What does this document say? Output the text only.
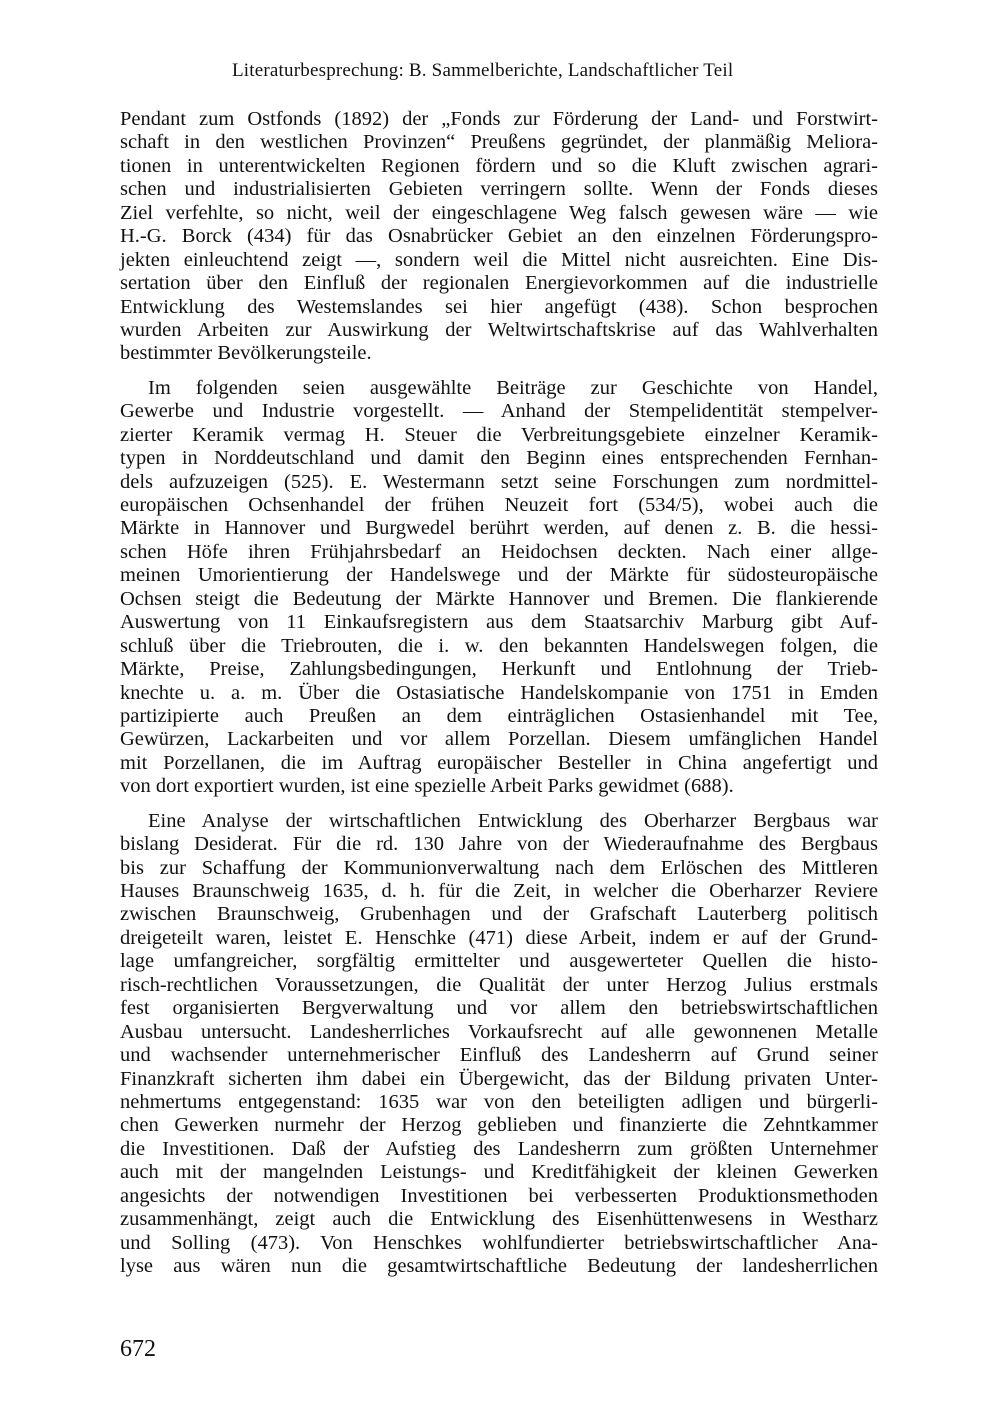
Literaturbesprechung: B. Sammelberichte, Landschaftlicher Teil
Pendant zum Ostfonds (1892) der „Fonds zur Förderung der Land- und Forstwirt-
schaft in den westlichen Provinzen“ Preußens gegründet, der planmäßig Meliora-
tionen in unterentwickelten Regionen fördern und so die Kluft zwischen agrari-
schen und industrialisierten Gebieten verringern sollte. Wenn der Fonds dieses
Ziel verfehlte, so nicht, weil der eingeschlagene Weg falsch gewesen wäre — wie
H.-G. Borck (434) für das Osnabrücker Gebiet an den einzelnen Förderungspro-
jekten einleuchtend zeigt —, sondern weil die Mittel nicht ausreichten. Eine Dis-
sertation über den Einfluß der regionalen Energievorkommen auf die industrielle
Entwicklung des Westemslandes sei hier angefügt (438). Schon besprochen
wurden Arbeiten zur Auswirkung der Weltwirtschaftskrise auf das Wahlverhalten
bestimmter Bevölkerungsteile.
Im folgenden seien ausgewählte Beiträge zur Geschichte von Handel,
Gewerbe und Industrie vorgestellt. — Anhand der Stempelidentität stempelver-
zierter Keramik vermag H. Steuer die Verbreitungsgebiete einzelner Keramik-
typen in Norddeutschland und damit den Beginn eines entsprechenden Fernhan-
dels aufzuzeigen (525). E. Westermann setzt seine Forschungen zum nordmittel-
europäischen Ochsenhandel der frühen Neuzeit fort (534/5), wobei auch die
Märkte in Hannover und Burgwedel berührt werden, auf denen z. B. die hessi-
schen Höfe ihren Frühjahrsbedarf an Heidochsen deckten. Nach einer allge-
meinen Umorientierung der Handelswege und der Märkte für südosteuropäische
Ochsen steigt die Bedeutung der Märkte Hannover und Bremen. Die flankierende
Auswertung von 11 Einkaufsregistern aus dem Staatsarchiv Marburg gibt Auf-
schluß über die Triebrouten, die i. w. den bekannten Handelswegen folgen, die
Märkte, Preise, Zahlungsbedingungen, Herkunft und Entlohnung der Trieb-
knechte u. a. m. Über die Ostasiatische Handelskompanie von 1751 in Emden
partizipierte auch Preußen an dem einträglichen Ostasienhandel mit Tee,
Gewürzen, Lackarbeiten und vor allem Porzellan. Diesem umfänglichen Handel
mit Porzellanen, die im Auftrag europäischer Besteller in China angefertigt und
von dort exportiert wurden, ist eine spezielle Arbeit Parks gewidmet (688).
Eine Analyse der wirtschaftlichen Entwicklung des Oberharzer Bergbaus war
bislang Desiderat. Für die rd. 130 Jahre von der Wiederaufnahme des Bergbaus
bis zur Schaffung der Kommunionverwaltung nach dem Erlöschen des Mittleren
Hauses Braunschweig 1635, d. h. für die Zeit, in welcher die Oberharzer Reviere
zwischen Braunschweig, Grubenhagen und der Grafschaft Lauterberg politisch
dreigeteilt waren, leistet E. Henschke (471) diese Arbeit, indem er auf der Grund-
lage umfangreicher, sorgfältig ermittelter und ausgewerteter Quellen die histo-
risch-rechtlichen Voraussetzungen, die Qualität der unter Herzog Julius erstmals
fest organisierten Bergverwaltung und vor allem den betriebswirtschaftlichen
Ausbau untersucht. Landesherrliches Vorkaufsrecht auf alle gewonnenen Metalle
und wachsender unternehmerischer Einfluß des Landesherrn auf Grund seiner
Finanzkraft sicherten ihm dabei ein Übergewicht, das der Bildung privaten Unter-
nehmertums entgegenstand: 1635 war von den beteiligten adligen und bürgerli-
chen Gewerken nurmehr der Herzog geblieben und finanzierte die Zehntkammer
die Investitionen. Daß der Aufstieg des Landesherrn zum größten Unternehmer
auch mit der mangelnden Leistungs- und Kreditfähigkeit der kleinen Gewerken
angesichts der notwendigen Investitionen bei verbesserten Produktionsmethoden
zusammenhängt, zeigt auch die Entwicklung des Eisenhüttenwesens in Westharz
und Solling (473). Von Henschkes wohlfundierter betriebswirtschaftlicher Ana-
lyse aus wären nun die gesamtwirtschaftliche Bedeutung der landesherrlichen
672
